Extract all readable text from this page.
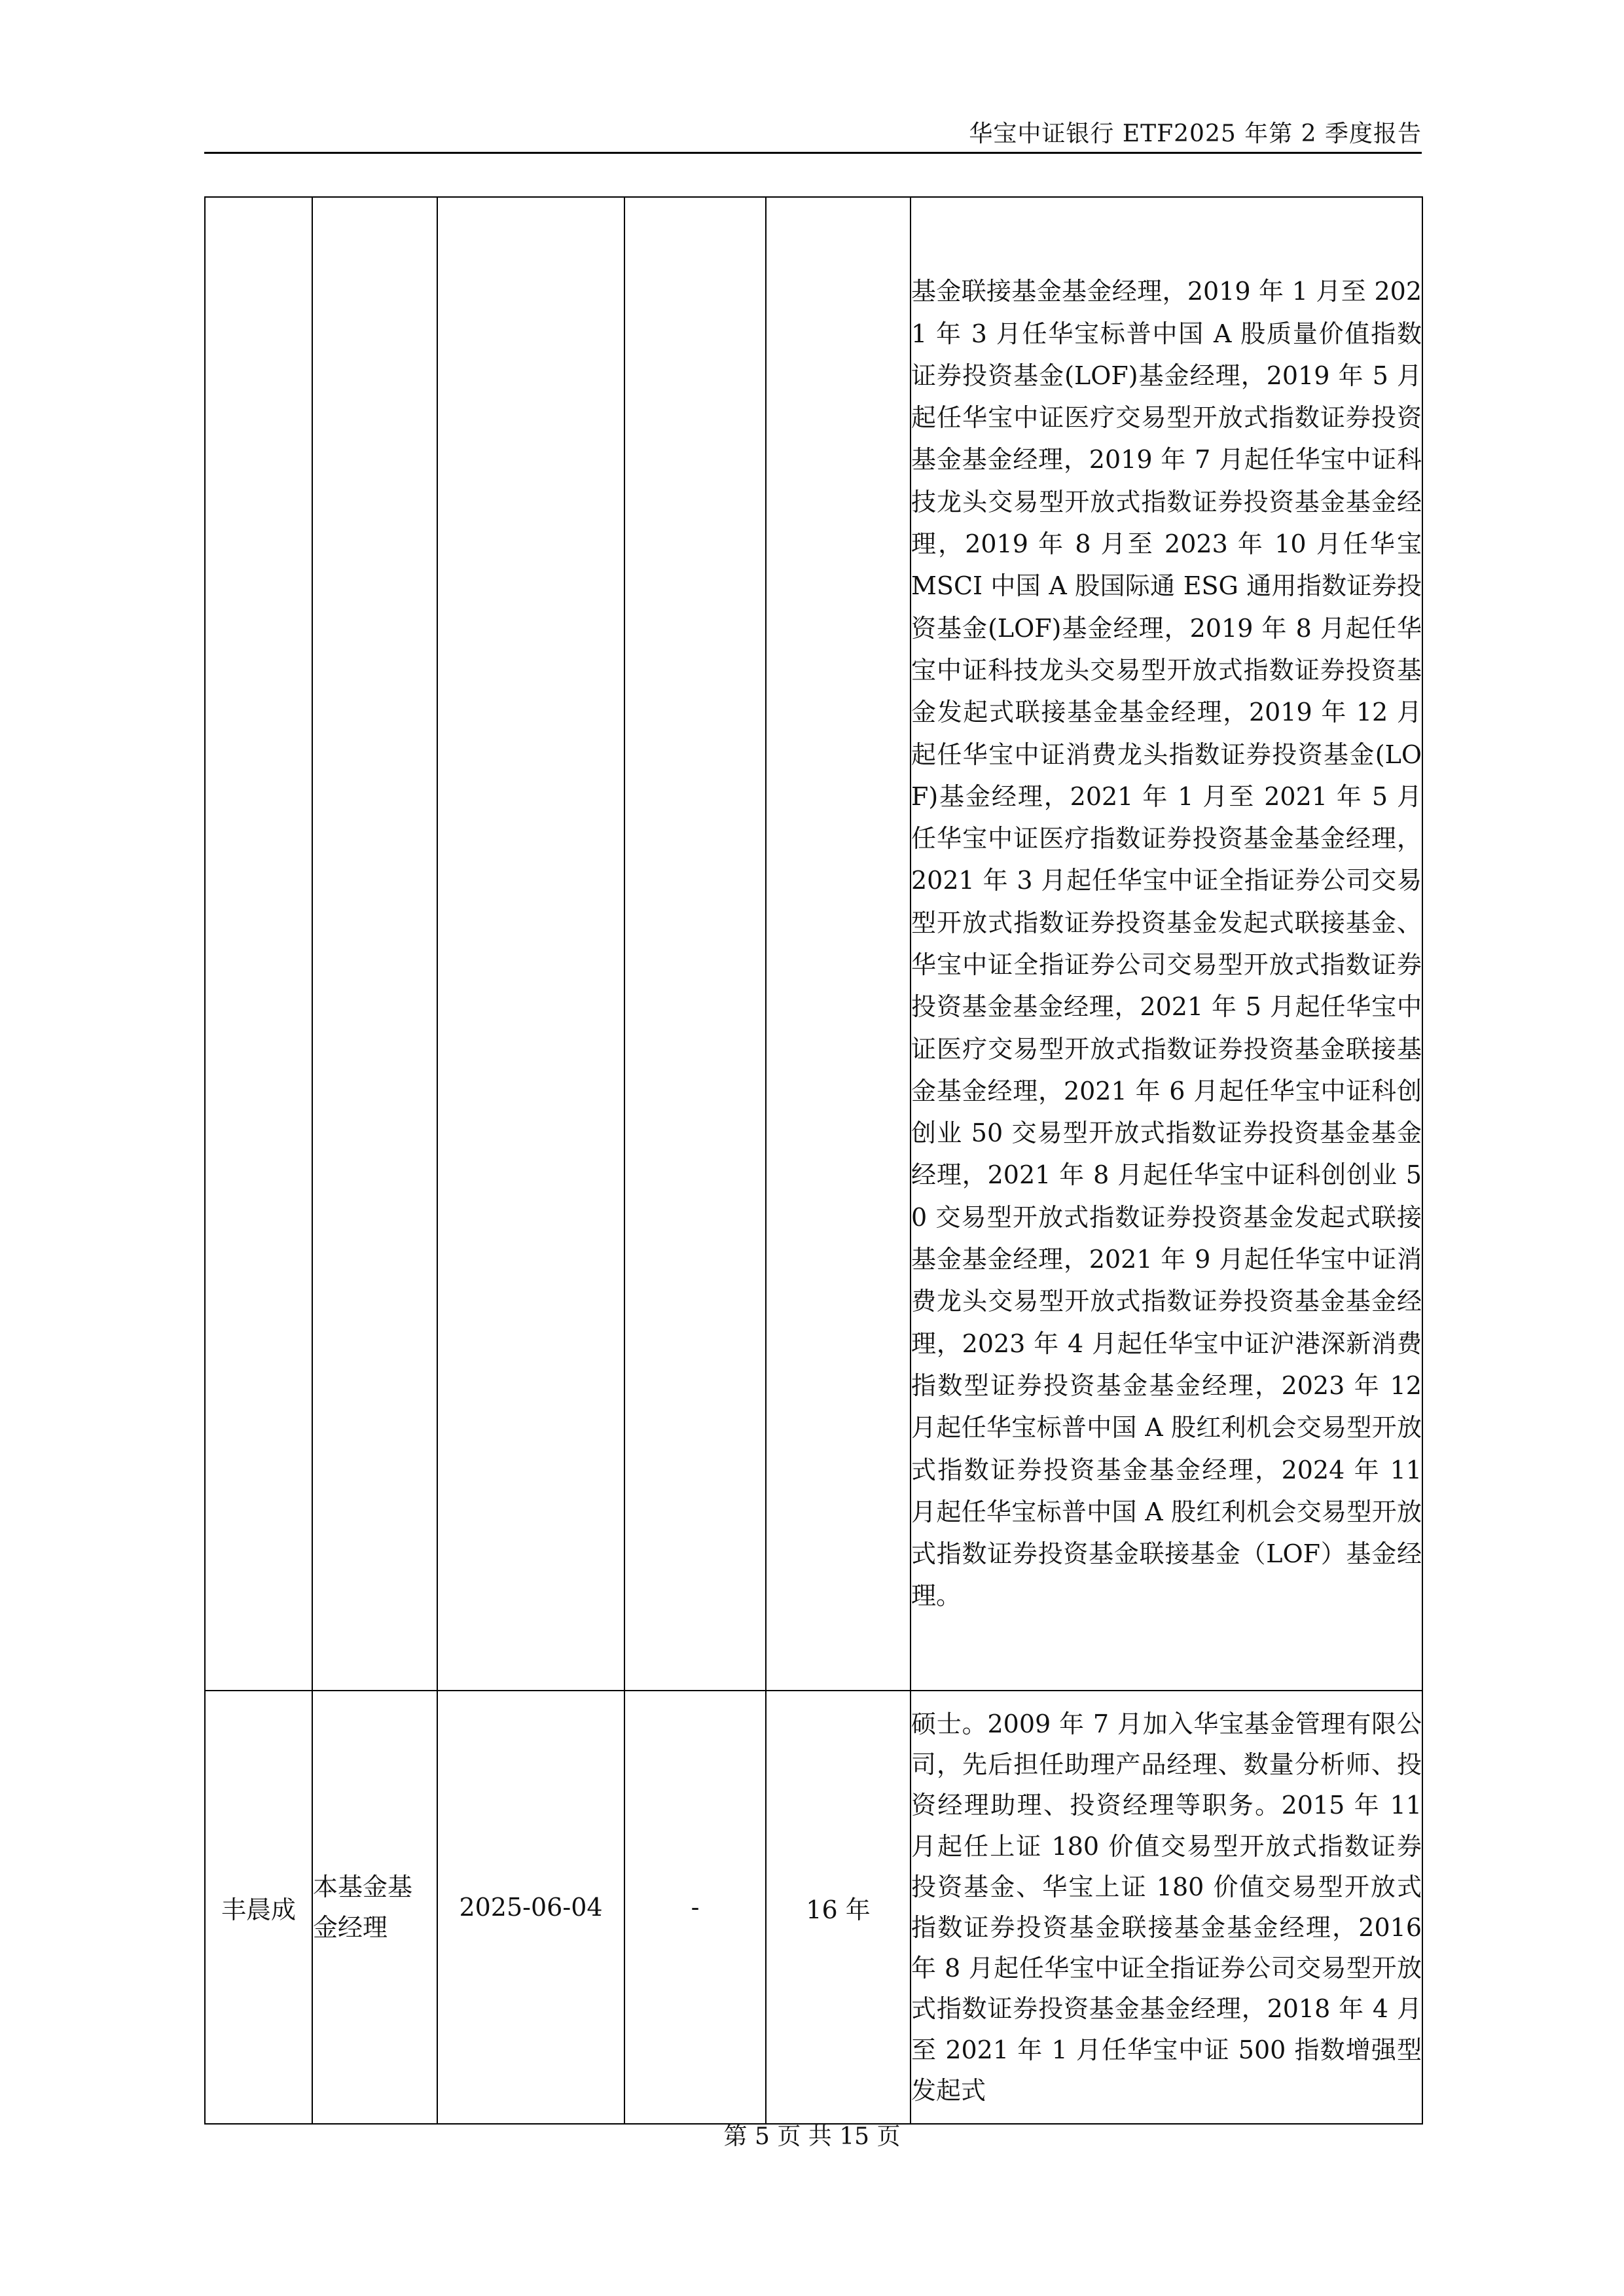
华宝中证银行 ETF2025 年第 2 季度报告
					基金联接基金基金经理，2019 年 1 月至 2021 年 3 月任华宝标普中国 A 股质量价值指数证券投资基金(LOF)基金经理，2019 年 5 月起任华宝中证医疗交易型开放式指数证券投资基金基金经理，2019 年 7 月起任华宝中证科技龙头交易型开放式指数证券投资基金基金经理，2019 年 8 月至 2023 年 10 月任华宝 MSCI 中国 A 股国际通 ESG 通用指数证券投资基金(LOF)基金经理，2019 年 8 月起任华宝中证科技龙头交易型开放式指数证券投资基金发起式联接基金基金经理，2019 年 12 月起任华宝中证消费龙头指数证券投资基金(LOF)基金经理，2021 年 1 月至 2021 年 5 月任华宝中证医疗指数证券投资基金基金经理，2021 年 3 月起任华宝中证全指证券公司交易型开放式指数证券投资基金发起式联接基金、华宝中证全指证券公司交易型开放式指数证券投资基金基金经理，2021 年 5 月起任华宝中证医疗交易型开放式指数证券投资基金联接基金基金经理，2021 年 6 月起任华宝中证科创创业 50 交易型开放式指数证券投资基金基金经理，2021 年 8 月起任华宝中证科创创业 50 交易型开放式指数证券投资基金发起式联接基金基金经理，2021 年 9 月起任华宝中证消费龙头交易型开放式指数证券投资基金基金经理，2023 年 4 月起任华宝中证沪港深新消费指数型证券投资基金基金经理，2023 年 12 月起任华宝标普中国 A 股红利机会交易型开放式指数证券投资基金基金经理，2024 年 11 月起任华宝标普中国 A 股红利机会交易型开放式指数证券投资基金联接基金（LOF）基金经理。
丰晨成	本基金基金经理	2025-06-04	-	16 年	硕士。2009 年 7 月加入华宝基金管理有限公司，先后担任助理产品经理、数量分析师、投资经理助理、投资经理等职务。2015 年 11 月起任上证 180 价值交易型开放式指数证券投资基金、华宝上证 180 价值交易型开放式指数证券投资基金联接基金基金经理，2016 年 8 月起任华宝中证全指证券公司交易型开放式指数证券投资基金基金经理，2018 年 4 月至 2021 年 1 月任华宝中证 500 指数增强型发起式
第 5 页 共 15 页
